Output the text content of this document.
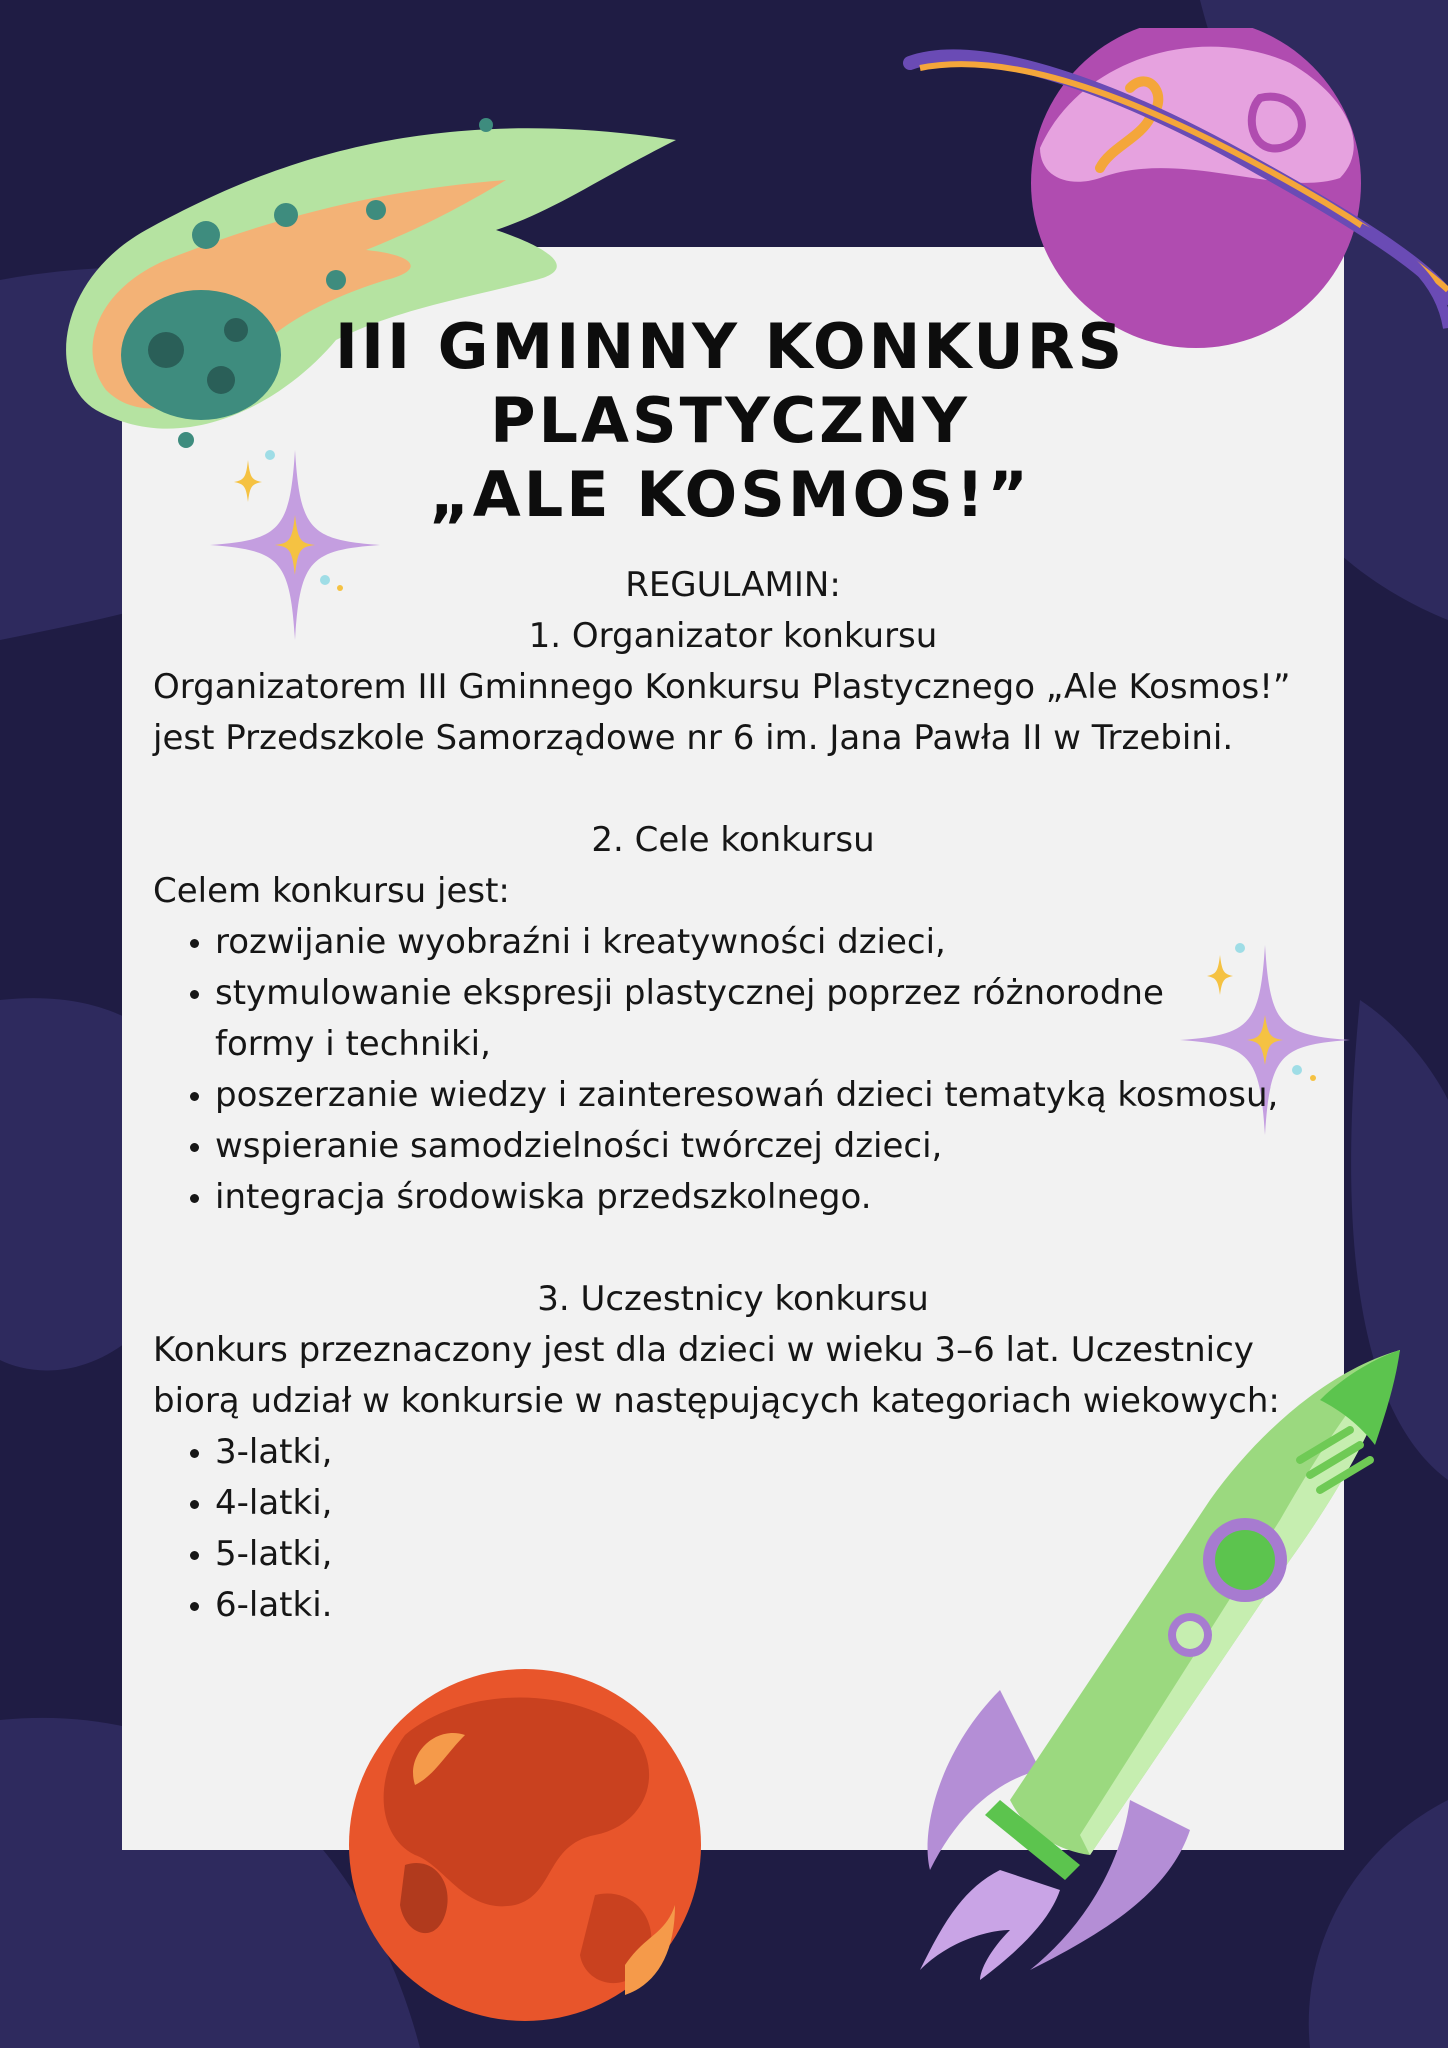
III GMINNY KONKURS
PLASTYCZNY
„ALE KOSMOS!”
REGULAMIN:
1. Organizator konkursu
Organizatorem III Gminnego Konkursu Plastycznego „Ale Kosmos!”
jest Przedszkole Samorządowe nr 6 im. Jana Pawła II w Trzebini.
2. Cele konkursu
Celem konkursu jest:
• rozwijanie wyobraźni i kreatywności dzieci,
• stymulowanie ekspresji plastycznej poprzez różnorodne formy i techniki,
• poszerzanie wiedzy i zainteresowań dzieci tematyką kosmosu,
• wspieranie samodzielności twórczej dzieci,
• integracja środowiska przedszkolnego.
3. Uczestnicy konkursu
Konkurs przeznaczony jest dla dzieci w wieku 3–6 lat. Uczestnicy
biorą udział w konkursie w następujących kategoriach wiekowych:
• 3-latki,
• 4-latki,
• 5-latki,
• 6-latki.
